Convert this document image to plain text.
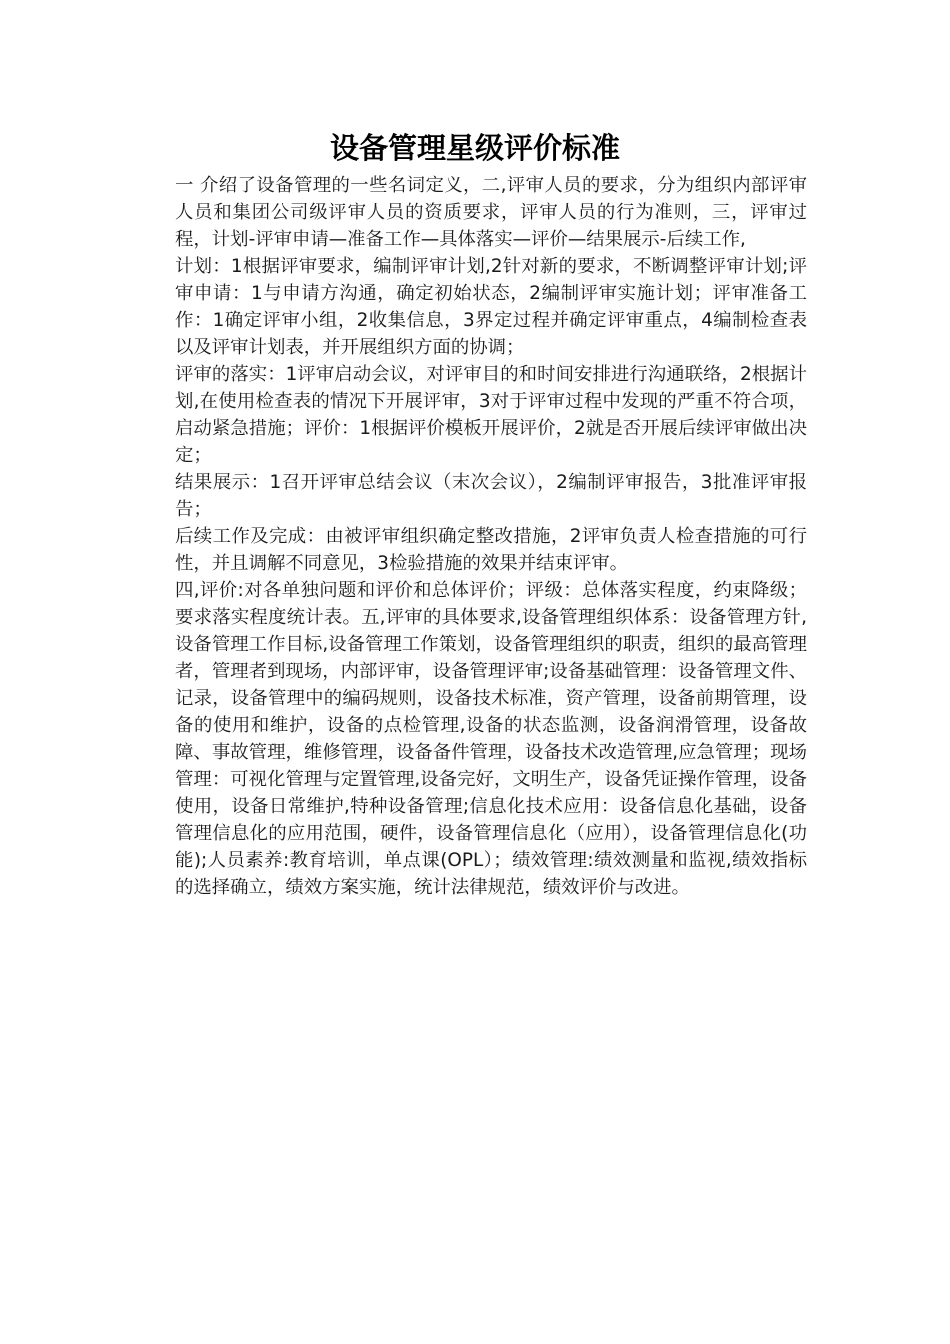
设备管理星级评价标准

一 介绍了设备管理的一些名词定义，二,评审人员的要求，分为组织内部评审人员和集团公司级评审人员的资质要求，评审人员的行为准则，三，评审过程，计划-评审申请—准备工作—具体落实—评价—结果展示-后续工作,

计划：1根据评审要求，编制评审计划,2针对新的要求，不断调整评审计划;评审申请：1与申请方沟通，确定初始状态，2编制评审实施计划；评审准备工作：1确定评审小组，2收集信息，3界定过程并确定评审重点，4编制检查表以及评审计划表，并开展组织方面的协调；

评审的落实：1评审启动会议，对评审目的和时间安排进行沟通联络，2根据计划,在使用检查表的情况下开展评审，3对于评审过程中发现的严重不符合项，启动紧急措施；评价：1根据评价模板开展评价，2就是否开展后续评审做出决定；

结果展示：1召开评审总结会议（末次会议），2编制评审报告，3批准评审报告；

后续工作及完成：由被评审组织确定整改措施，2评审负责人检查措施的可行性，并且调解不同意见，3检验措施的效果并结束评审。

四,评价:对各单独问题和评价和总体评价；评级：总体落实程度，约束降级；要求落实程度统计表。五,评审的具体要求,设备管理组织体系：设备管理方针,设备管理工作目标,设备管理工作策划，设备管理组织的职责，组织的最高管理者，管理者到现场，内部评审，设备管理评审;设备基础管理：设备管理文件、记录，设备管理中的编码规则，设备技术标准，资产管理，设备前期管理，设备的使用和维护，设备的点检管理,设备的状态监测，设备润滑管理，设备故障、事故管理，维修管理，设备备件管理，设备技术改造管理,应急管理；现场管理：可视化管理与定置管理,设备完好，文明生产，设备凭证操作管理，设备使用，设备日常维护,特种设备管理;信息化技术应用：设备信息化基础，设备管理信息化的应用范围，硬件，设备管理信息化（应用），设备管理信息化(功能);人员素养:教育培训，单点课(OPL）；绩效管理:绩效测量和监视,绩效指标的选择确立，绩效方案实施，统计法律规范，绩效评价与改进。
